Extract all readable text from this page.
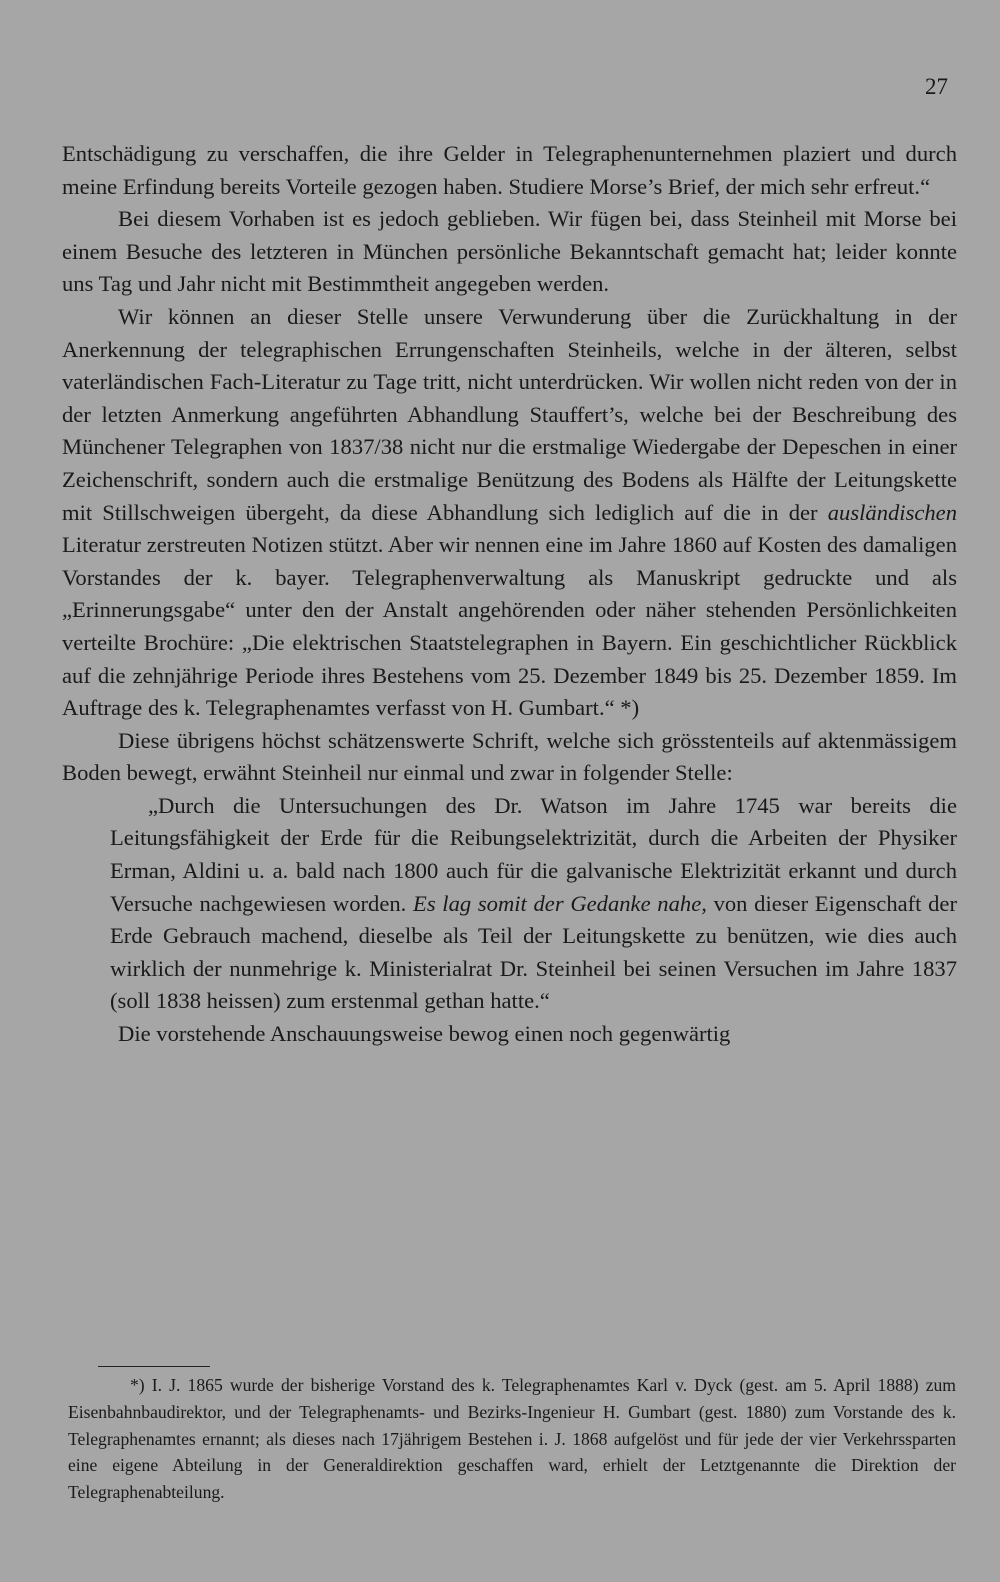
27

Entschädigung zu verschaffen, die ihre Gelder in Telegraphenunternehmen plaziert und durch meine Erfindung bereits Vorteile gezogen haben. Studiere Morse’s Brief, der mich sehr erfreut.“

Bei diesem Vorhaben ist es jedoch geblieben. Wir fügen bei, dass Steinheil mit Morse bei einem Besuche des letzteren in München persönliche Bekanntschaft gemacht hat; leider konnte uns Tag und Jahr nicht mit Bestimmtheit angegeben werden.

Wir können an dieser Stelle unsere Verwunderung über die Zurückhaltung in der Anerkennung der telegraphischen Errungenschaften Steinheils, welche in der älteren, selbst vaterländischen Fach-Literatur zu Tage tritt, nicht unterdrücken. Wir wollen nicht reden von der in der letzten Anmerkung angeführten Abhandlung Stauffert’s, welche bei der Beschreibung des Münchener Telegraphen von 1837/38 nicht nur die erstmalige Wiedergabe der Depeschen in einer Zeichenschrift, sondern auch die erstmalige Benützung des Bodens als Hälfte der Leitungskette mit Stillschweigen übergeht, da diese Abhandlung sich lediglich auf die in der ausländischen Literatur zerstreuten Notizen stützt. Aber wir nennen eine im Jahre 1860 auf Kosten des damaligen Vorstandes der k. bayer. Telegraphenverwaltung als Manuskript gedruckte und als „Erinnerungsgabe“ unter den der Anstalt angehörenden oder näher stehenden Persönlichkeiten verteilte Brochüre: „Die elektrischen Staatstelegraphen in Bayern. Ein geschichtlicher Rückblick auf die zehnjährige Periode ihres Bestehens vom 25. Dezember 1849 bis 25. Dezember 1859. Im Auftrage des k. Telegraphenamtes verfasst von H. Gumbart.“ *)

Diese übrigens höchst schätzenswerte Schrift, welche sich grösstenteils auf aktenmässigem Boden bewegt, erwähnt Steinheil nur einmal und zwar in folgender Stelle:

„Durch die Untersuchungen des Dr. Watson im Jahre 1745 war bereits die Leitungsfähigkeit der Erde für die Reibungselektrizität, durch die Arbeiten der Physiker Erman, Aldini u. a. bald nach 1800 auch für die galvanische Elektrizität erkannt und durch Versuche nachgewiesen worden. Es lag somit der Gedanke nahe, von dieser Eigenschaft der Erde Gebrauch machend, dieselbe als Teil der Leitungskette zu benützen, wie dies auch wirklich der nunmehrige k. Ministerialrat Dr. Steinheil bei seinen Versuchen im Jahre 1837 (soll 1838 heissen) zum erstenmal gethan hatte.“

Die vorstehende Anschauungsweise bewog einen noch gegenwärtig

*) I. J. 1865 wurde der bisherige Vorstand des k. Telegraphenamtes Karl v. Dyck (gest. am 5. April 1888) zum Eisenbahnbaudirektor, und der Telegraphenamts- und Bezirks-Ingenieur H. Gumbart (gest. 1880) zum Vorstande des k. Telegraphenamtes ernannt; als dieses nach 17jährigem Bestehen i. J. 1868 aufgelöst und für jede der vier Verkehrssparten eine eigene Abteilung in der Generaldirektion geschaffen ward, erhielt der Letztgenannte die Direktion der Telegraphenabteilung.
